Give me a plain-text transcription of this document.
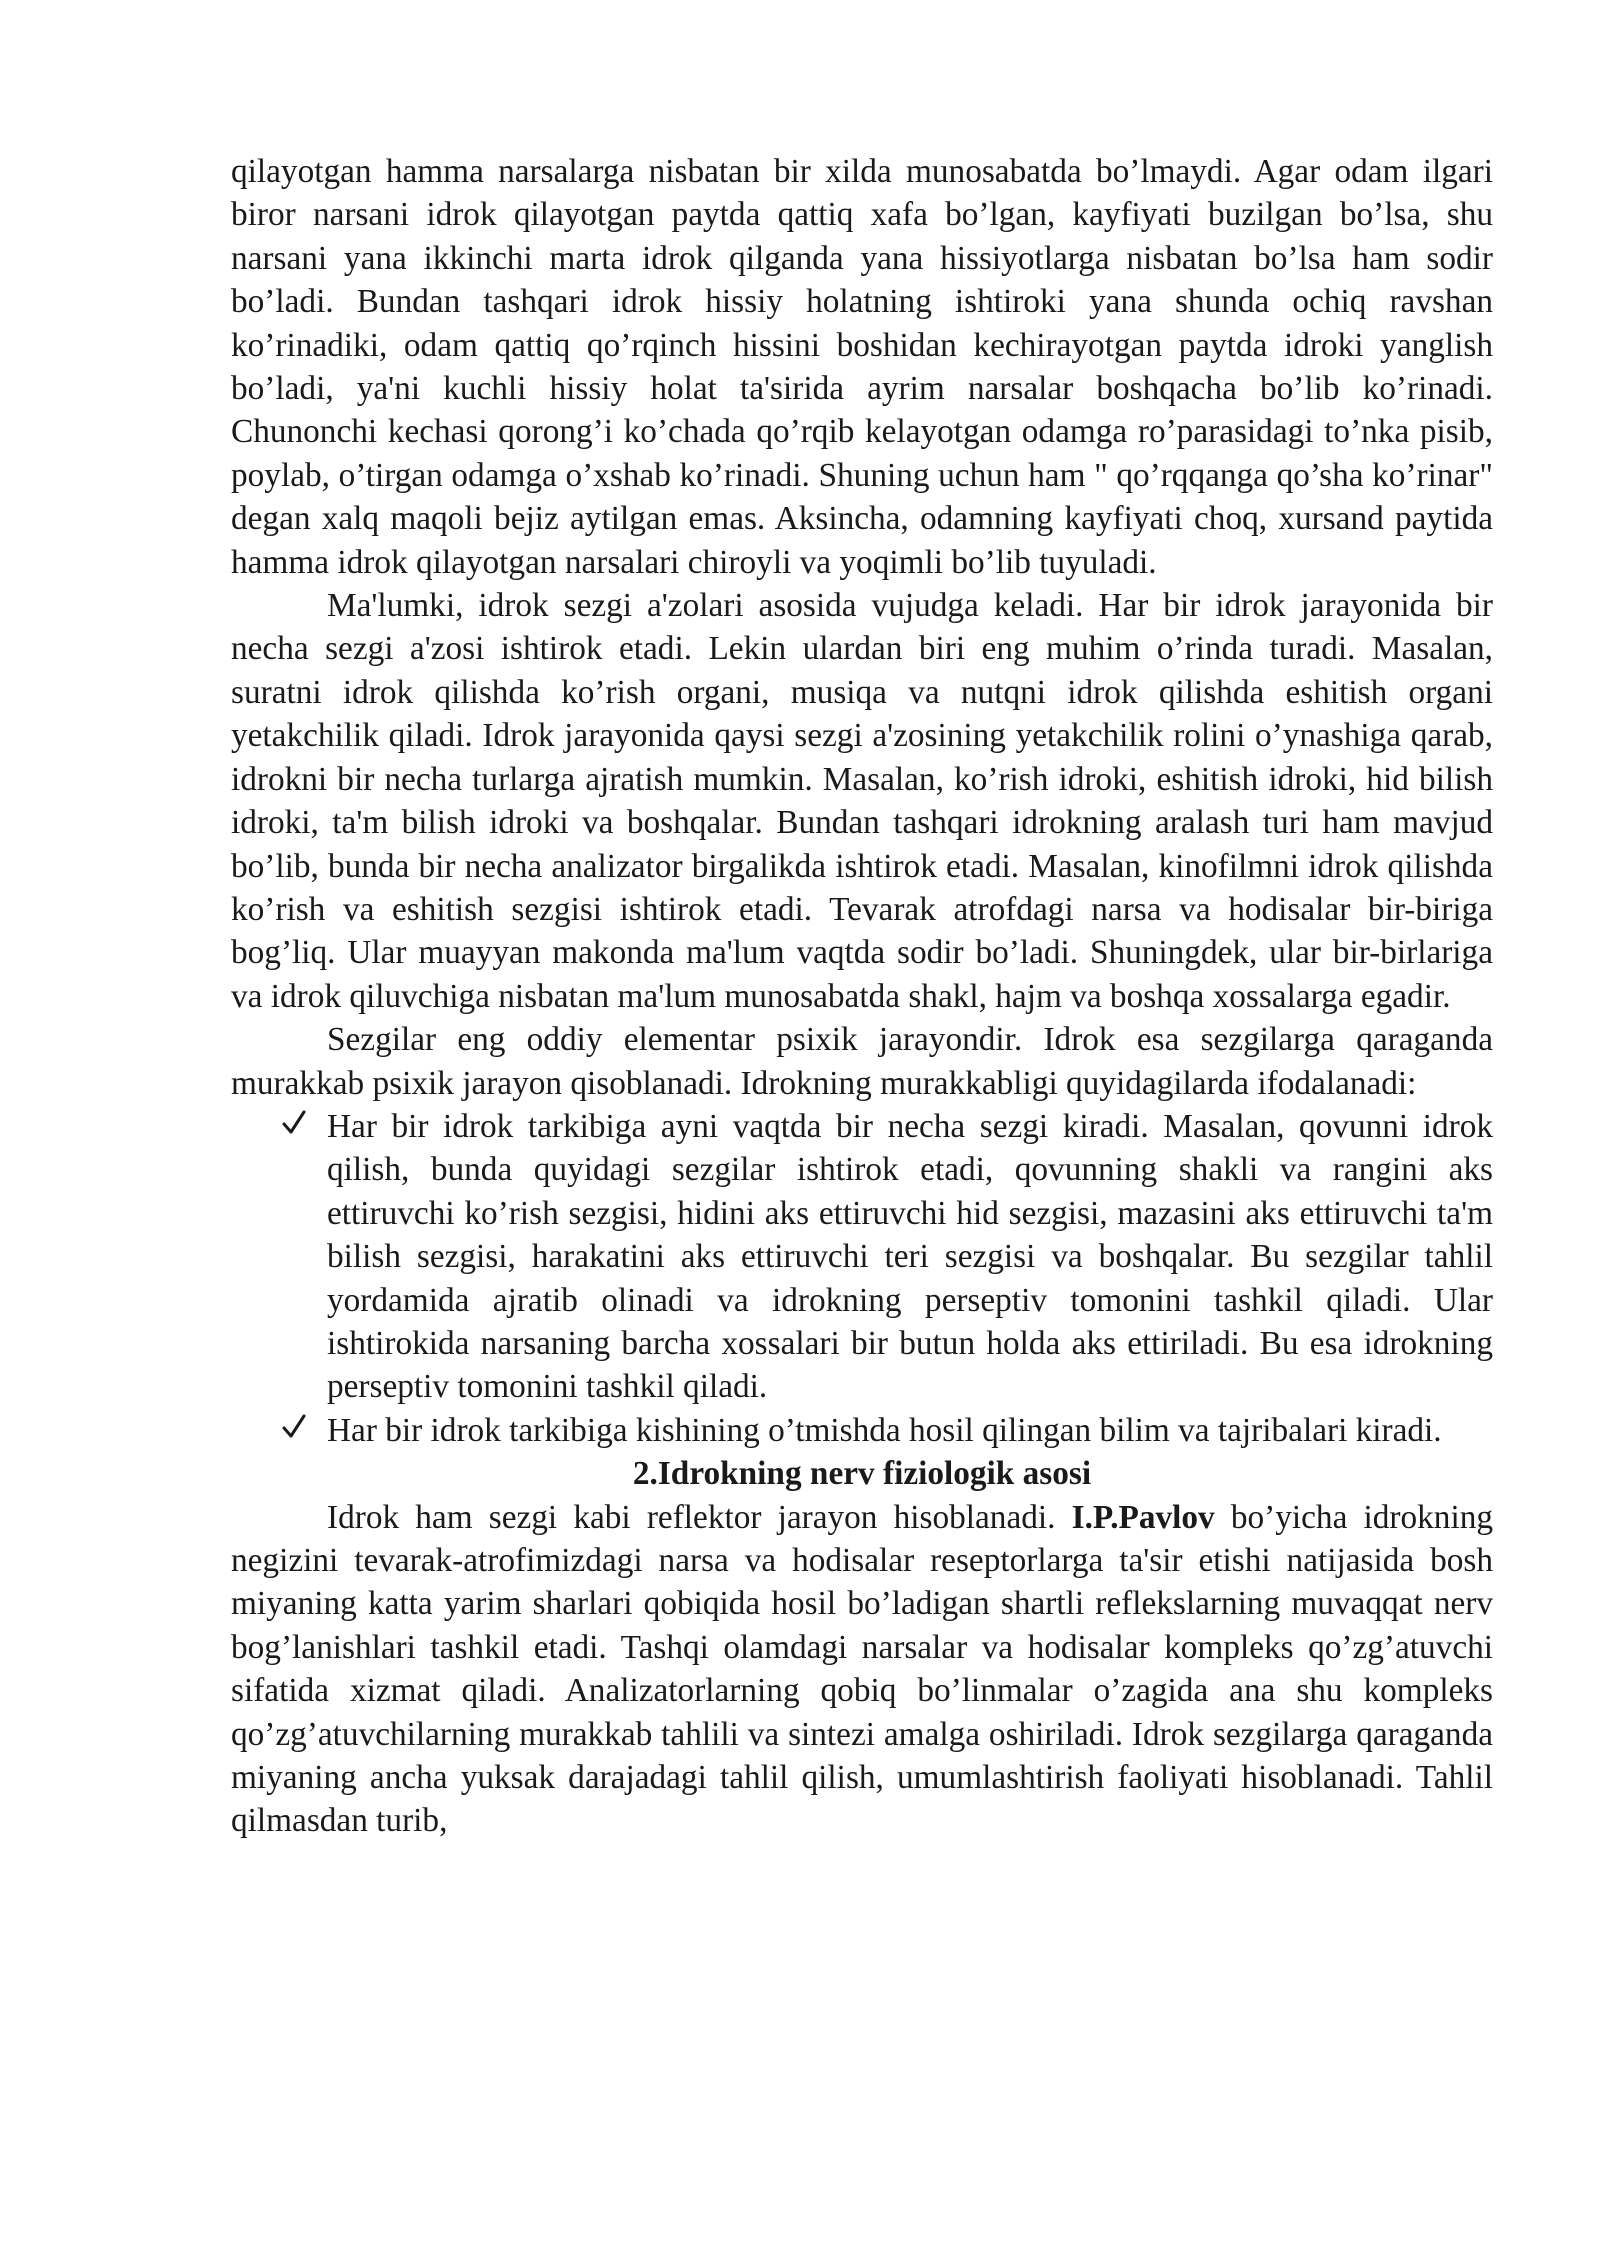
qilayotgan hamma narsalarga nisbatan bir xilda munosabatda bo’lmaydi. Agar odam ilgari biror narsani idrok qilayotgan paytda qattiq xafa bo’lgan, kayfiyati buzilgan bo’lsa, shu narsani yana ikkinchi marta idrok qilganda yana hissiyotlarga nisbatan bo’lsa ham sodir bo’ladi. Bundan tashqari idrok hissiy holatning ishtiroki yana shunda ochiq ravshan ko’rinadiki, odam qattiq qo’rqinch hissini boshidan kechirayotgan paytda idroki yanglish bo’ladi, ya'ni kuchli hissiy holat ta'sirida ayrim narsalar boshqacha bo’lib ko’rinadi. Chunonchi kechasi qorong’i ko’chada qo’rqib kelayotgan odamga ro’parasidagi to’nka pisib, poylab, o’tirgan odamga o’xshab ko’rinadi. Shuning uchun ham " qo’rqqanga qo’sha ko’rinar" degan xalq maqoli bejiz aytilgan emas. Aksincha, odamning kayfiyati choq, xursand paytida hamma idrok qilayotgan narsalari chiroyli va yoqimli bo’lib tuyuladi.

Ma'lumki, idrok sezgi a'zolari asosida vujudga keladi. Har bir idrok jarayonida bir necha sezgi a'zosi ishtirok etadi. Lekin ulardan biri eng muhim o’rinda turadi. Masalan, suratni idrok qilishda ko’rish organi, musiqa va nutqni idrok qilishda eshitish organi yetakchilik qiladi. Idrok jarayonida qaysi sezgi a'zosining yetakchilik rolini o’ynashiga qarab, idrokni bir necha turlarga ajratish mumkin. Masalan, ko’rish idroki, eshitish idroki, hid bilish idroki, ta'm bilish idroki va boshqalar. Bundan tashqari idrokning aralash turi ham mavjud bo’lib, bunda bir necha analizator birgalikda ishtirok etadi. Masalan, kinofilmni idrok qilishda ko’rish va eshitish sezgisi ishtirok etadi. Tevarak atrofdagi narsa va hodisalar bir-biriga bog’liq. Ular muayyan makonda ma'lum vaqtda sodir bo’ladi. Shuningdek, ular bir-birlariga va idrok qiluvchiga nisbatan ma'lum munosabatda shakl, hajm va boshqa xossalarga egadir.

Sezgilar eng oddiy elementar psixik jarayondir. Idrok esa sezgilarga qaraganda murakkab psixik jarayon qisoblanadi. Idrokning murakkabligi quyidagilarda ifodalanadi:

Har bir idrok tarkibiga ayni vaqtda bir necha sezgi kiradi. Masalan, qovunni idrok qilish, bunda quyidagi sezgilar ishtirok etadi, qovunning shakli va rangini aks ettiruvchi ko’rish sezgisi, hidini aks ettiruvchi hid sezgisi, mazasini aks ettiruvchi ta'm bilish sezgisi, harakatini aks ettiruvchi teri sezgisi va boshqalar. Bu sezgilar tahlil yordamida ajratib olinadi va idrokning perseptiv tomonini tashkil qiladi. Ular ishtirokida narsaning barcha xossalari bir butun holda aks ettiriladi. Bu esa idrokning perseptiv tomonini tashkil qiladi.
Har bir idrok tarkibiga kishining o’tmishda hosil qilingan bilim va tajribalari kiradi.
2.Idrokning nerv fiziologik asosi

Idrok ham sezgi kabi reflektor jarayon hisoblanadi. I.P.Pavlov bo’yicha idrokning negizini tevarak-atrofimizdagi narsa va hodisalar reseptorlarga ta'sir etishi natijasida bosh miyaning katta yarim sharlari qobiqida hosil bo’ladigan shartli reflekslarning muvaqqat nerv bog’lanishlari tashkil etadi. Tashqi olamdagi narsalar va hodisalar kompleks qo’zg’atuvchi sifatida xizmat qiladi. Analizatorlarning qobiq bo’linmalar o’zagida ana shu kompleks qo’zg’atuvchilarning murakkab tahlili va sintezi amalga oshiriladi. Idrok sezgilarga qaraganda miyaning ancha yuksak darajadagi tahlil qilish, umumlashtirish faoliyati hisoblanadi. Tahlil qilmasdan turib,
